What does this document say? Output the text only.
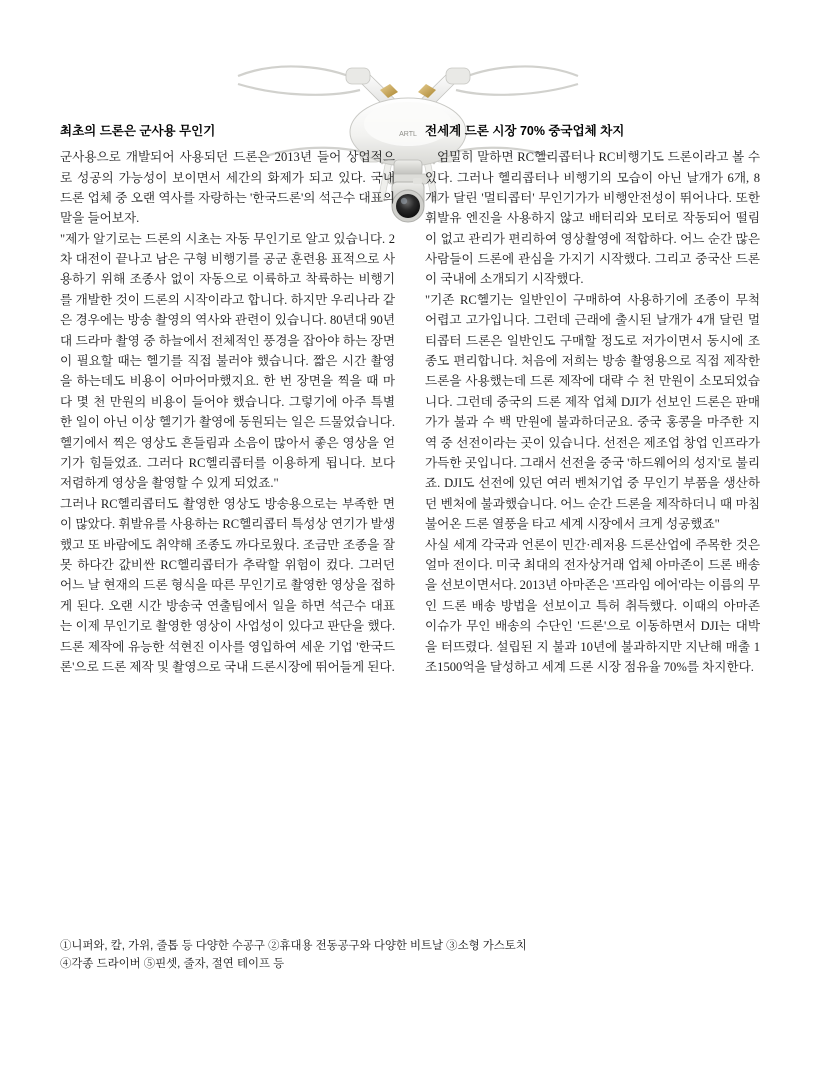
ARTL
최초의 드론은 군사용 무인기

군사용으로 개발되어 사용되던 드론은 2013년 들어 상업적으로 성공의 가능성이 보이면서 세간의 화제가 되고 있다. 국내 드론 업체 중 오랜 역사를 자랑하는 '한국드론'의 석근수 대표의 말을 들어보자.

"제가 알기로는 드론의 시초는 자동 무인기로 알고 있습니다. 2차 대전이 끝나고 남은 구형 비행기를 공군 훈련용 표적으로 사용하기 위해 조종사 없이 자동으로 이륙하고 착륙하는 비행기를 개발한 것이 드론의 시작이라고 합니다. 하지만 우리나라 같은 경우에는 방송 촬영의 역사와 관련이 있습니다. 80년대 90년대 드라마 촬영 중 하늘에서 전체적인 풍경을 잡아야 하는 장면이 필요할 때는 헬기를 직접 불러야 했습니다. 짧은 시간 촬영을 하는데도 비용이 어마어마했지요. 한 번 장면을 찍을 때 마다 몇 천 만원의 비용이 들어야 했습니다. 그렇기에 아주 특별한 일이 아닌 이상 헬기가 촬영에 동원되는 일은 드물었습니다. 헬기에서 찍은 영상도 흔들림과 소음이 많아서 좋은 영상을 얻기가 힘들었죠. 그러다 RC헬리콥터를 이용하게 됩니다. 보다 저렴하게 영상을 촬영할 수 있게 되었죠."

그러나 RC헬리콥터도 촬영한 영상도 방송용으로는 부족한 면이 많았다. 휘발유를 사용하는 RC헬리콥터 특성상 연기가 발생했고 또 바람에도 취약해 조종도 까다로웠다. 조금만 조종을 잘못 하다간 값비싼 RC헬리콥터가 추락할 위험이 컸다. 그러던 어느 날 현재의 드론 형식을 따른 무인기로 촬영한 영상을 접하게 된다. 오랜 시간 방송국 연출팀에서 일을 하면 석근수 대표는 이제 무인기로 촬영한 영상이 사업성이 있다고 판단을 했다. 드론 제작에 유능한 석현진 이사를 영입하여 세운 기업 '한국드론'으로 드론 제작 및 촬영으로 국내 드론시장에 뛰어들게 된다.

전세계 드론 시장 70% 중국업체 차지

엄밀히 말하면 RC헬리콥터나 RC비행기도 드론이라고 볼 수 있다. 그러나 헬리콥터나 비행기의 모습이 아닌 날개가 6개, 8개가 달린 '멀티콥터' 무인기가가 비행안전성이 뛰어나다. 또한 휘발유 엔진을 사용하지 않고 배터리와 모터로 작동되어 떨림이 없고 관리가 편리하여 영상촬영에 적합하다. 어느 순간 많은 사람들이 드론에 관심을 가지기 시작했다. 그리고 중국산 드론이 국내에 소개되기 시작했다.

"기존 RC헬기는 일반인이 구매하여 사용하기에 조종이 무척 어렵고 고가입니다. 그런데 근래에 출시된 날개가 4개 달린 멀티콥터 드론은 일반인도 구매할 정도로 저가이면서 동시에 조종도 편리합니다. 처음에 저희는 방송 촬영용으로 직접 제작한 드론을 사용했는데 드론 제작에 대략 수 천 만원이 소모되었습니다. 그런데 중국의 드론 제작 업체 DJI가 선보인 드론은 판매가가 불과 수 백 만원에 불과하더군요. 중국 홍콩을 마주한 지역 중 선전이라는 곳이 있습니다. 선전은 제조업 창업 인프라가 가득한 곳입니다. 그래서 선전을 중국 '하드웨어의 성지'로 불리죠. DJI도 선전에 있던 여러 벤처기업 중 무인기 부품을 생산하던 벤처에 불과했습니다. 어느 순간 드론을 제작하더니 때 마침 불어온 드론 열풍을 타고 세계 시장에서 크게 성공했죠"

사실 세계 각국과 언론이 민간·레저용 드론산업에 주목한 것은 얼마 전이다. 미국 최대의 전자상거래 업체 아마존이 드론 배송을 선보이면서다. 2013년 아마존은 '프라임 에어'라는 이름의 무인 드론 배송 방법을 선보이고 특허 취득했다. 이때의 아마존 이슈가 무인 배송의 수단인 '드론'으로 이동하면서 DJI는 대박을 터뜨렸다. 설립된 지 불과 10년에 불과하지만 지난해 매출 1조1500억을 달성하고 세계 드론 시장 점유율 70%를 차지한다.

①니퍼와, 칼, 가위, 줄톱 등 다양한 수공구 ②휴대용 전동공구와 다양한 비트날 ③소형 가스토치
④각종 드라이버 ⑤핀셋, 줄자, 절연 테이프 등
